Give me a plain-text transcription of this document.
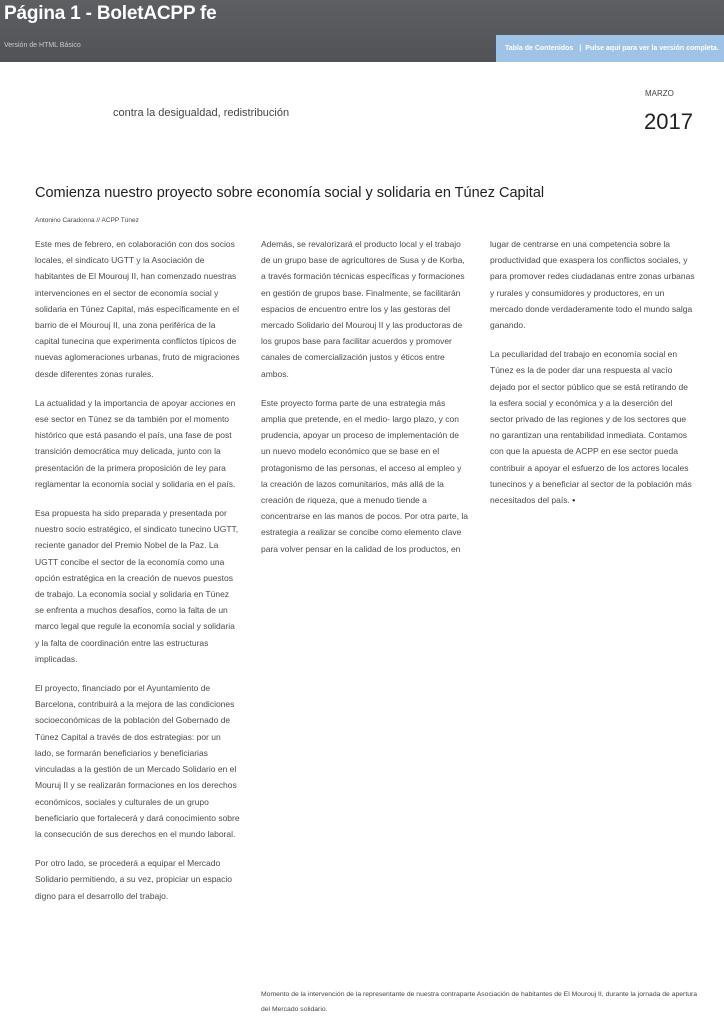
Página 1 - BoletACPP fe
Versión de HTML Básico	Tabla de Contenidos | Pulse aquí para ver la versión completa.
contra la desigualdad, redistribución
MARZO
2017
Comienza nuestro proyecto sobre economía social y solidaria en Túnez Capital
Antonino Caradonna // ACPP Túnez

Este mes de febrero, en colaboración con dos socios locales, el sindicato UGTT y la Asociación de habitantes de El Mourouj II, han comenzado nuestras intervenciones en el sector de economía social y solidaria en Túnez Capital, más específicamente en el barrio de el Mourouj II, una zona periférica de la capital tunecina que experimenta conflictos típicos de nuevas aglomeraciones urbanas, fruto de migraciones desde diferentes zonas rurales.

La actualidad y la importancia de apoyar acciones en ese sector en Túnez se da también por el momento histórico que está pasando el país, una fase de post transición democrática muy delicada, junto con la presentación de la primera proposición de ley para reglamentar la economía social y solidaria en el país.

Esa propuesta ha sido preparada y presentada por nuestro socio estratégico, el sindicato tunecino UGTT, reciente ganador del Premio Nobel de la Paz. La UGTT concibe el sector de la economía como una opción estratégica en la creación de nuevos puestos de trabajo. La economía social y solidaria en Túnez se enfrenta a muchos desafíos, como la falta de un marco legal que regule la economía social y solidaria y la falta de coordinación entre las estructuras implicadas.

El proyecto, financiado por el Ayuntamiento de Barcelona, contribuirá a la mejora de las condiciones socioeconómicas de la población del Gobernado de Túnez Capital a través de dos estrategias: por un lado, se formarán beneficiarios y beneficiarias vinculadas a la gestión de un Mercado Solidario en el Mouruj II y se realizarán formaciones en los derechos económicos, sociales y culturales de un grupo beneficiario que fortalecerá y dará conocimiento sobre la consecución de sus derechos en el mundo laboral.

Por otro lado, se procederá a equipar el Mercado Solidario permitiendo, a su vez, propiciar un espacio digno para el desarrollo del trabajo.

Además, se revalorizará el producto local y el trabajo de un grupo base de agricultores de Susa y de Korba, a través formación técnicas específicas y formaciones en gestión de grupos base. Finalmente, se facilitarán espacios de encuentro entre los y las gestoras del mercado Solidario del Mourouj II y las productoras de los grupos base para facilitar acuerdos y promover canales de comercialización justos y éticos entre ambos.

Este proyecto forma parte de una estrategia más amplia que pretende, en el medio- largo plazo, y con prudencia, apoyar un proceso de implementación de un nuevo modelo económico que se base en el protagonismo de las personas, el acceso al empleo y la creación de lazos comunitarios, más allá de la creación de riqueza, que a menudo tiende a concentrarse en las manos de pocos. Por otra parte, la estrategia a realizar se concibe como elemento clave para volver pensar en la calidad de los productos, en

lugar de centrarse en una competencia sobre la productividad que exaspera los conflictos sociales, y para promover redes ciudadanas entre zonas urbanas y rurales y consumidores y productores, en un mercado donde verdaderamente todo el mundo salga ganando.

La peculiaridad del trabajo en economía social en Túnez es la de poder dar una respuesta al vacío dejado por el sector público que se está retirando de la esfera social y económica y a la deserción del sector privado de las regiones y de los sectores que no garantizan una rentabilidad inmediata. Contamos con que la apuesta de ACPP en ese sector pueda contribuir a apoyar el esfuerzo de los actores locales tunecinos y a beneficiar al sector de la población más necesitados del país. •

Momento de la intervención de la representante de nuestra contraparte Asociación de habitantes de El Mourouj II, durante la jornada de apertura del Mercado solidario.
